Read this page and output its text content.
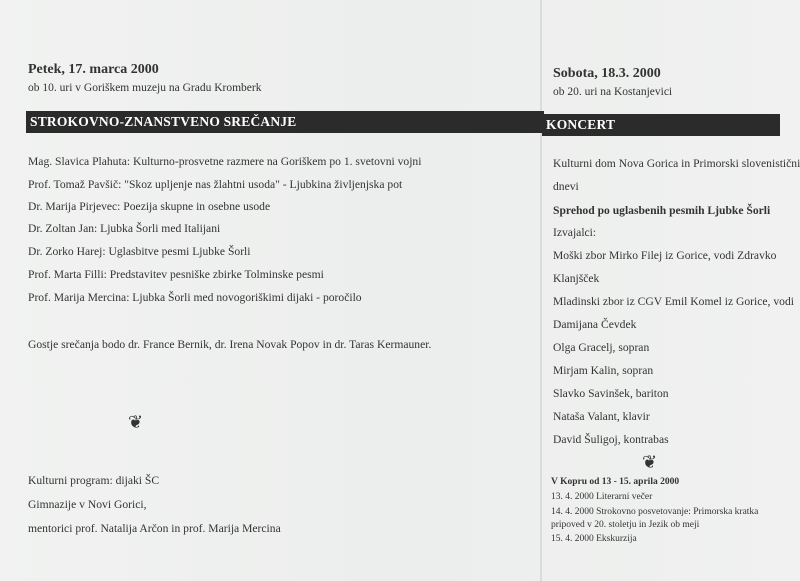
Petek, 17. marca 2000
ob 10. uri v Goriškem muzeju na Gradu Kromberk
STROKOVNO-ZNANSTVENO SREČANJE
Mag. Slavica Plahuta: Kulturno-prosvetne razmere na Goriškem po 1. svetovni vojni
Prof. Tomaž Pavšič: "Skoz upljenje nas žlahtni usoda" - Ljubkina življenjska pot
Dr. Marija Pirjevec: Poezija skupne in osebne usode
Dr. Zoltan Jan: Ljubka Šorli med Italijani
Dr. Zorko Harej: Uglasbitve pesmi Ljubke Šorli
Prof. Marta Filli: Predstavitev pesniške zbirke Tolminske pesmi
Prof. Marija Mercina: Ljubka Šorli med novogoriškimi dijaki - poročilo
Gostje srečanja bodo dr. France Bernik, dr. Irena Novak Popov in dr. Taras Kermauner.
❦
Kulturni program: dijaki ŠC
Gimnazije v Novi Gorici,
mentorici prof. Natalija Arčon in prof. Marija Mercina
Sobota, 18.3. 2000
ob 20. uri na Kostanjevici
KONCERT
Kulturni dom Nova Gorica in Primorski slovenistični
dnevi
Sprehod po uglasbenih pesmih Ljubke Šorli
Izvajalci:
Moški zbor Mirko Filej iz Gorice, vodi Zdravko
Klanjšček
Mladinski zbor iz CGV Emil Komel iz Gorice, vodi
Damijana Čevdek
Olga Gracelj, sopran
Mirjam Kalin, sopran
Slavko Savinšek, bariton
Nataša Valant, klavir
David Šuligoj, kontrabas
❦
V Kopru od 13 - 15. aprila 2000
13. 4. 2000 Literarni večer
14. 4. 2000 Strokovno posvetovanje: Primorska kratka
pripoved v 20. stoletju in Jezik ob meji
15. 4. 2000 Ekskurzija
